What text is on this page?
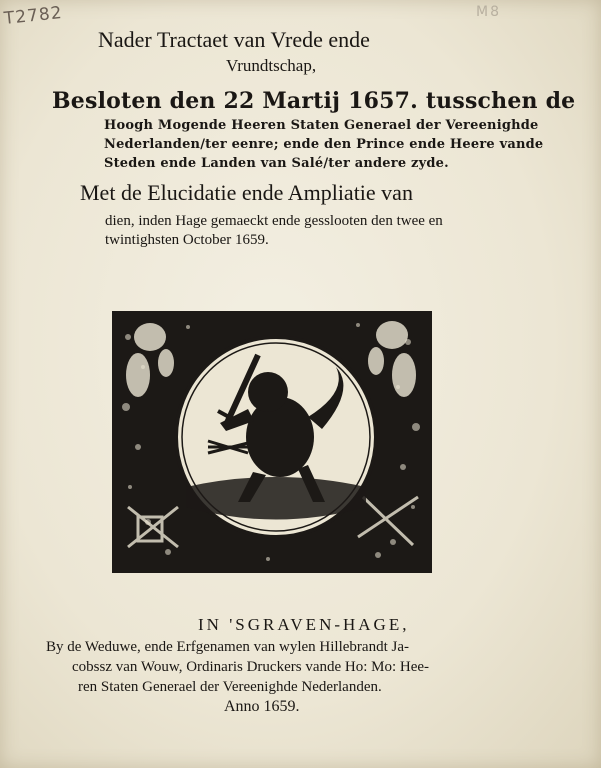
T2782	M8
Nader Tractaet van Vrede ende
Vrundtschap,
Besloten den 22 Martij 1657. tusschen de
Hoogh Mogende Heeren Staten Generael der Vereenighde
Nederlanden/ter eenre; ende den Prince ende Heere vande
Steden ende Landen van Salé/ter andere zyde.
Met de Elucidatie ende Ampliatie van
dien, inden Hage gemaeckt ende gesslooten den twee en
twintighsten October 1659.
IN 'SGRAVEN-HAGE,
By de Weduwe, ende Erfgenamen van wylen Hillebrandt Ja-
cobssz van Wouw, Ordinaris Druckers vande Ho: Mo: Hee-
ren Staten Generael der Vereenighde Nederlanden.
Anno 1659.
